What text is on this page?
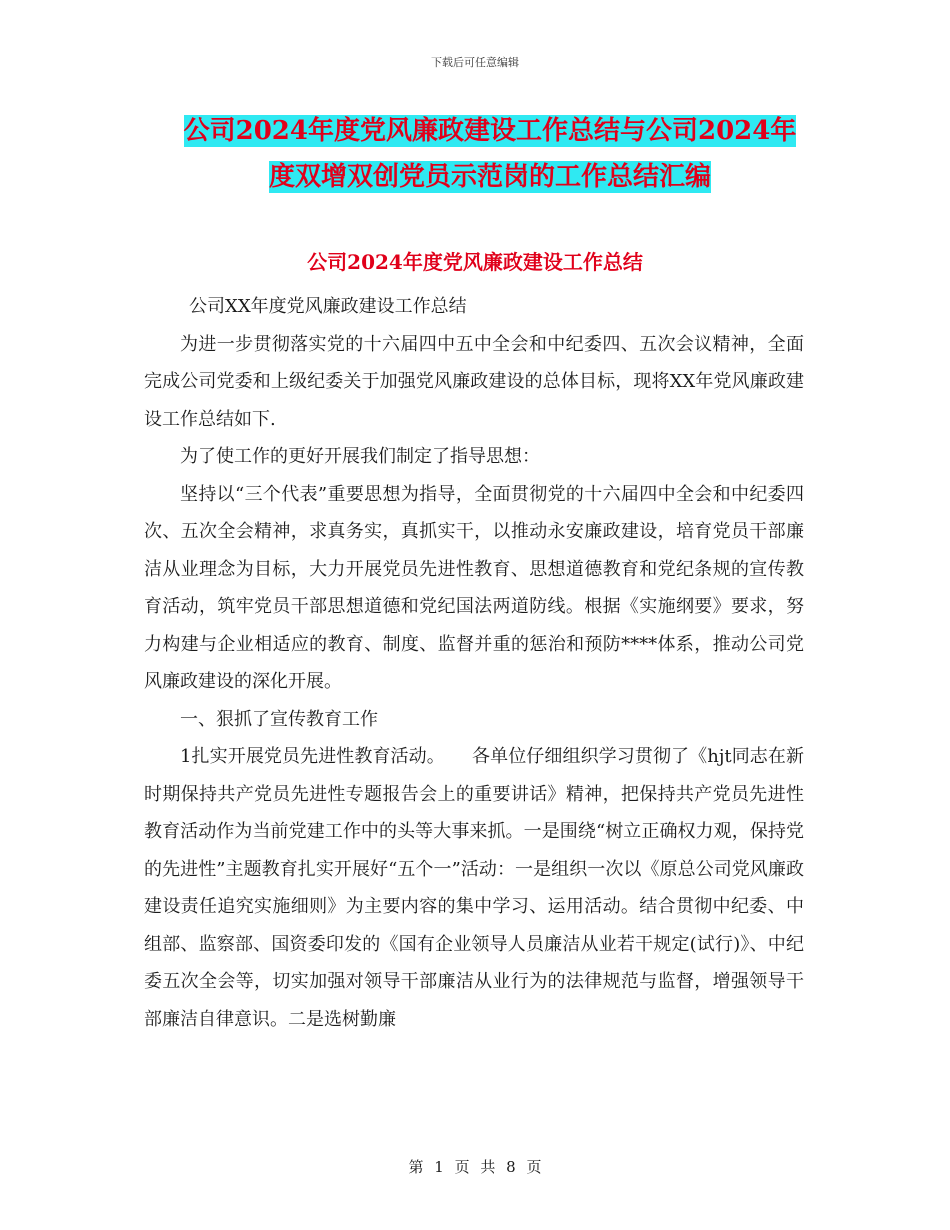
下载后可任意编辑
公司2024年度党风廉政建设工作总结与公司2024年
度双增双创党员示范岗的工作总结汇编
公司2024年度党风廉政建设工作总结

公司XX年度党风廉政建设工作总结

为进一步贯彻落实党的十六届四中五中全会和中纪委四、五次会议精神，全面完成公司党委和上级纪委关于加强党风廉政建设的总体目标，现将XX年党风廉政建设工作总结如下.

为了使工作的更好开展我们制定了指导思想：

坚持以“三个代表”重要思想为指导，全面贯彻党的十六届四中全会和中纪委四次、五次全会精神，求真务实，真抓实干，以推动永安廉政建设，培育党员干部廉洁从业理念为目标，大力开展党员先进性教育、思想道德教育和党纪条规的宣传教育活动，筑牢党员干部思想道德和党纪国法两道防线。根据《实施纲要》要求，努力构建与企业相适应的教育、制度、监督并重的惩治和预防****体系，推动公司党风廉政建设的深化开展。

一、狠抓了宣传教育工作

1扎实开展党员先进性教育活动。　　各单位仔细组织学习贯彻了《hjt同志在新时期保持共产党员先进性专题报告会上的重要讲话》精神，把保持共产党员先进性教育活动作为当前党建工作中的头等大事来抓。一是围绕“树立正确权力观，保持党的先进性”主题教育扎实开展好“五个一”活动：一是组织一次以《原总公司党风廉政建设责任追究实施细则》为主要内容的集中学习、运用活动。结合贯彻中纪委、中组部、监察部、国资委印发的《国有企业领导人员廉洁从业若干规定(试行)》、中纪委五次全会等，切实加强对领导干部廉洁从业行为的法律规范与监督，增强领导干部廉洁自律意识。二是选树勤廉

第 1 页 共 8 页
